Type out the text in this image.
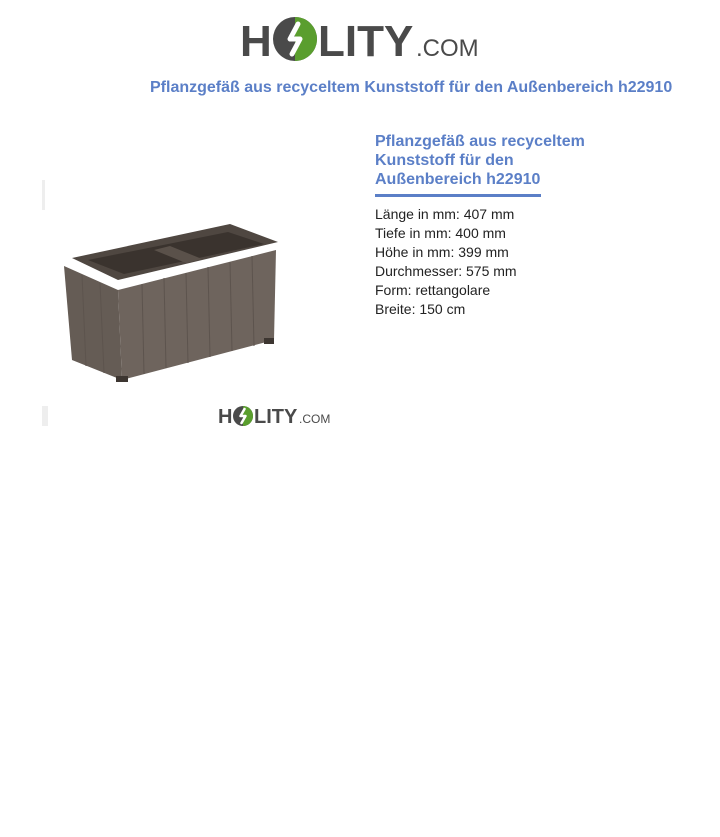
H LITY .COM
Pflanzgefäß aus recyceltem Kunststoff für den Außenbereich h22910
H LITY .COM
Pflanzgefäß aus recyceltem Kunststoff für den Außenbereich h22910
Länge in mm: 407 mm
Tiefe in mm: 400 mm
Höhe in mm: 399 mm
Durchmesser: 575 mm
Form: rettangolare
Breite: 150 cm
